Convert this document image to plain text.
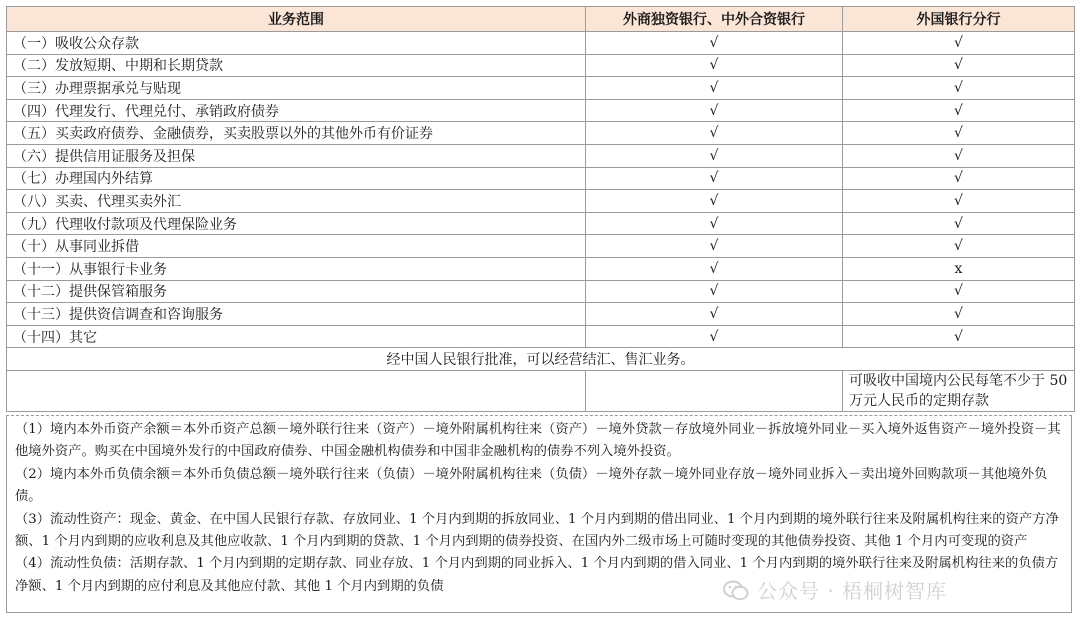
业务范围	外商独资银行、中外合资银行	外国银行分行
（一）吸收公众存款	√	√
（二）发放短期、中期和长期贷款	√	√
（三）办理票据承兑与贴现	√	√
（四）代理发行、代理兑付、承销政府债券	√	√
（五）买卖政府债券、金融债券，买卖股票以外的其他外币有价证券	√	√
（六）提供信用证服务及担保	√	√
（七）办理国内外结算	√	√
（八）买卖、代理买卖外汇	√	√
（九）代理收付款项及代理保险业务	√	√
（十）从事同业拆借	√	√
（十一）从事银行卡业务	√	x
（十二）提供保管箱服务	√	√
（十三）提供资信调查和咨询服务	√	√
（十四）其它	√	√
经中国人民银行批准，可以经营结汇、售汇业务。		
		可吸收中国境内公民每笔不少于 50 万元人民币的定期存款

（1）境内本外币资产余额＝本外币资产总额－境外联行往来（资产）－境外附属机构往来（资产）－境外贷款－存放境外同业－拆放境外同业－买入境外返售资产－境外投资－其他境外资产。购买在中国境外发行的中国政府债券、中国金融机构债券和中国非金融机构的债券不列入境外投资。

（2）境内本外币负债余额＝本外币负债总额－境外联行往来（负债）－境外附属机构往来（负债）－境外存款－境外同业存放－境外同业拆入－卖出境外回购款项－其他境外负债。

（3）流动性资产：现金、黄金、在中国人民银行存款、存放同业、1 个月内到期的拆放同业、1 个月内到期的借出同业、1 个月内到期的境外联行往来及附属机构往来的资产方净额、1 个月内到期的应收利息及其他应收款、1 个月内到期的贷款、1 个月内到期的债券投资、在国内外二级市场上可随时变现的其他债券投资、其他 1 个月内可变现的资产

（4）流动性负债：活期存款、1 个月内到期的定期存款、同业存放、1 个月内到期的同业拆入、1 个月内到期的借入同业、1 个月内到期的境外联行往来及附属机构往来的负债方净额、1 个月内到期的应付利息及其他应付款、其他 1 个月内到期的负债	公众号 · 梧桐树智库
